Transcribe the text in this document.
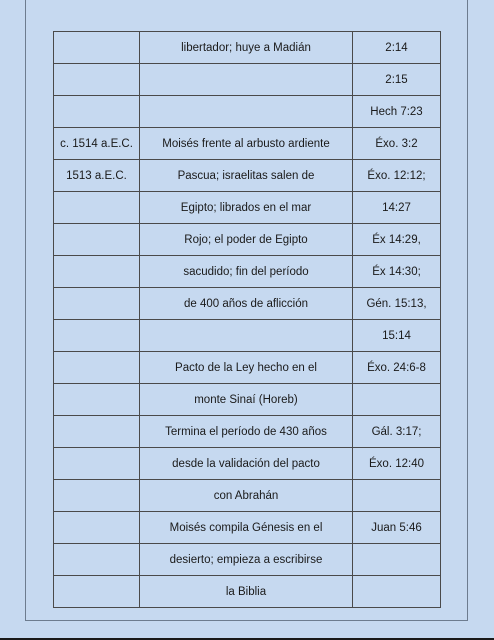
	libertador; huye a Madián	2:14
		2:15
		Hech 7:23
c. 1514 a.E.C.	Moisés frente al arbusto ardiente	Éxo. 3:2
1513 a.E.C.	Pascua; israelitas salen de	Éxo. 12:12;
	Egipto; librados en el mar	14:27
	Rojo; el poder de Egipto	Éx 14:29,
	sacudido; fin del período	Éx 14:30;
	de 400 años de aflicción	Gén. 15:13,
		15:14
	Pacto de la Ley hecho en el	Éxo. 24:6-8
	monte Sinaí (Horeb)	
	Termina el período de 430 años	Gál. 3:17;
	desde la validación del pacto	Éxo. 12:40
	con Abrahán	
	Moisés compila Génesis en el	Juan 5:46
	desierto; empieza a escribirse	
	la Biblia	
